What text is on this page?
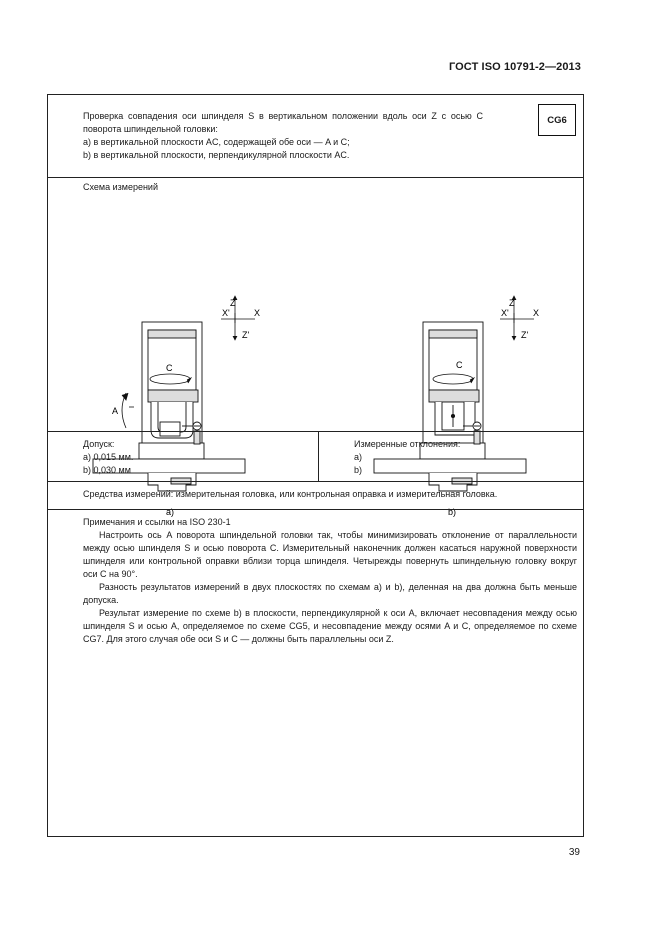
ГОСТ ISO 10791-2—2013

Проверка совпадения оси шпинделя S в вертикальном положении вдоль оси Z с осью C поворота шпиндельной головки:

a) в вертикальной плоскости AC, содержащей обе оси — A и C;

b) в вертикальной плоскости, перпендикулярной плоскости AC.

CG6
Схема измерений
Z
X'	X
Z'
C
A
a)
Z
X'	X
Z'
C
b)
Допуск:
a) 0,015 мм.
b) 0,030 мм
Измеренные отклонения:
a)
b)
Средства измерений: измерительная головка, или контрольная оправка и измерительная головка.

Примечания и ссылки на ISO 230-1

Настроить ось A поворота шпиндельной головки так, чтобы минимизировать отклонение от параллельности между осью шпинделя S и осью поворота C. Измерительный наконечник должен касаться наружной поверхности шпинделя или контрольной оправки вблизи торца шпинделя. Четырежды повернуть шпиндельную головку вокруг оси C на 90°.

Разность результатов измерений в двух плоскостях по схемам a) и b), деленная на два должна быть меньше допуска.

Результат измерение по схеме b) в плоскости, перпендикулярной к оси A, включает несовпадения между осью шпинделя S и осью A, определяемое по схеме CG5, и несовпадение между осями A и C, определяемое по схеме CG7. Для этого случая обе оси S и C — должны быть параллельны оси Z.

39
